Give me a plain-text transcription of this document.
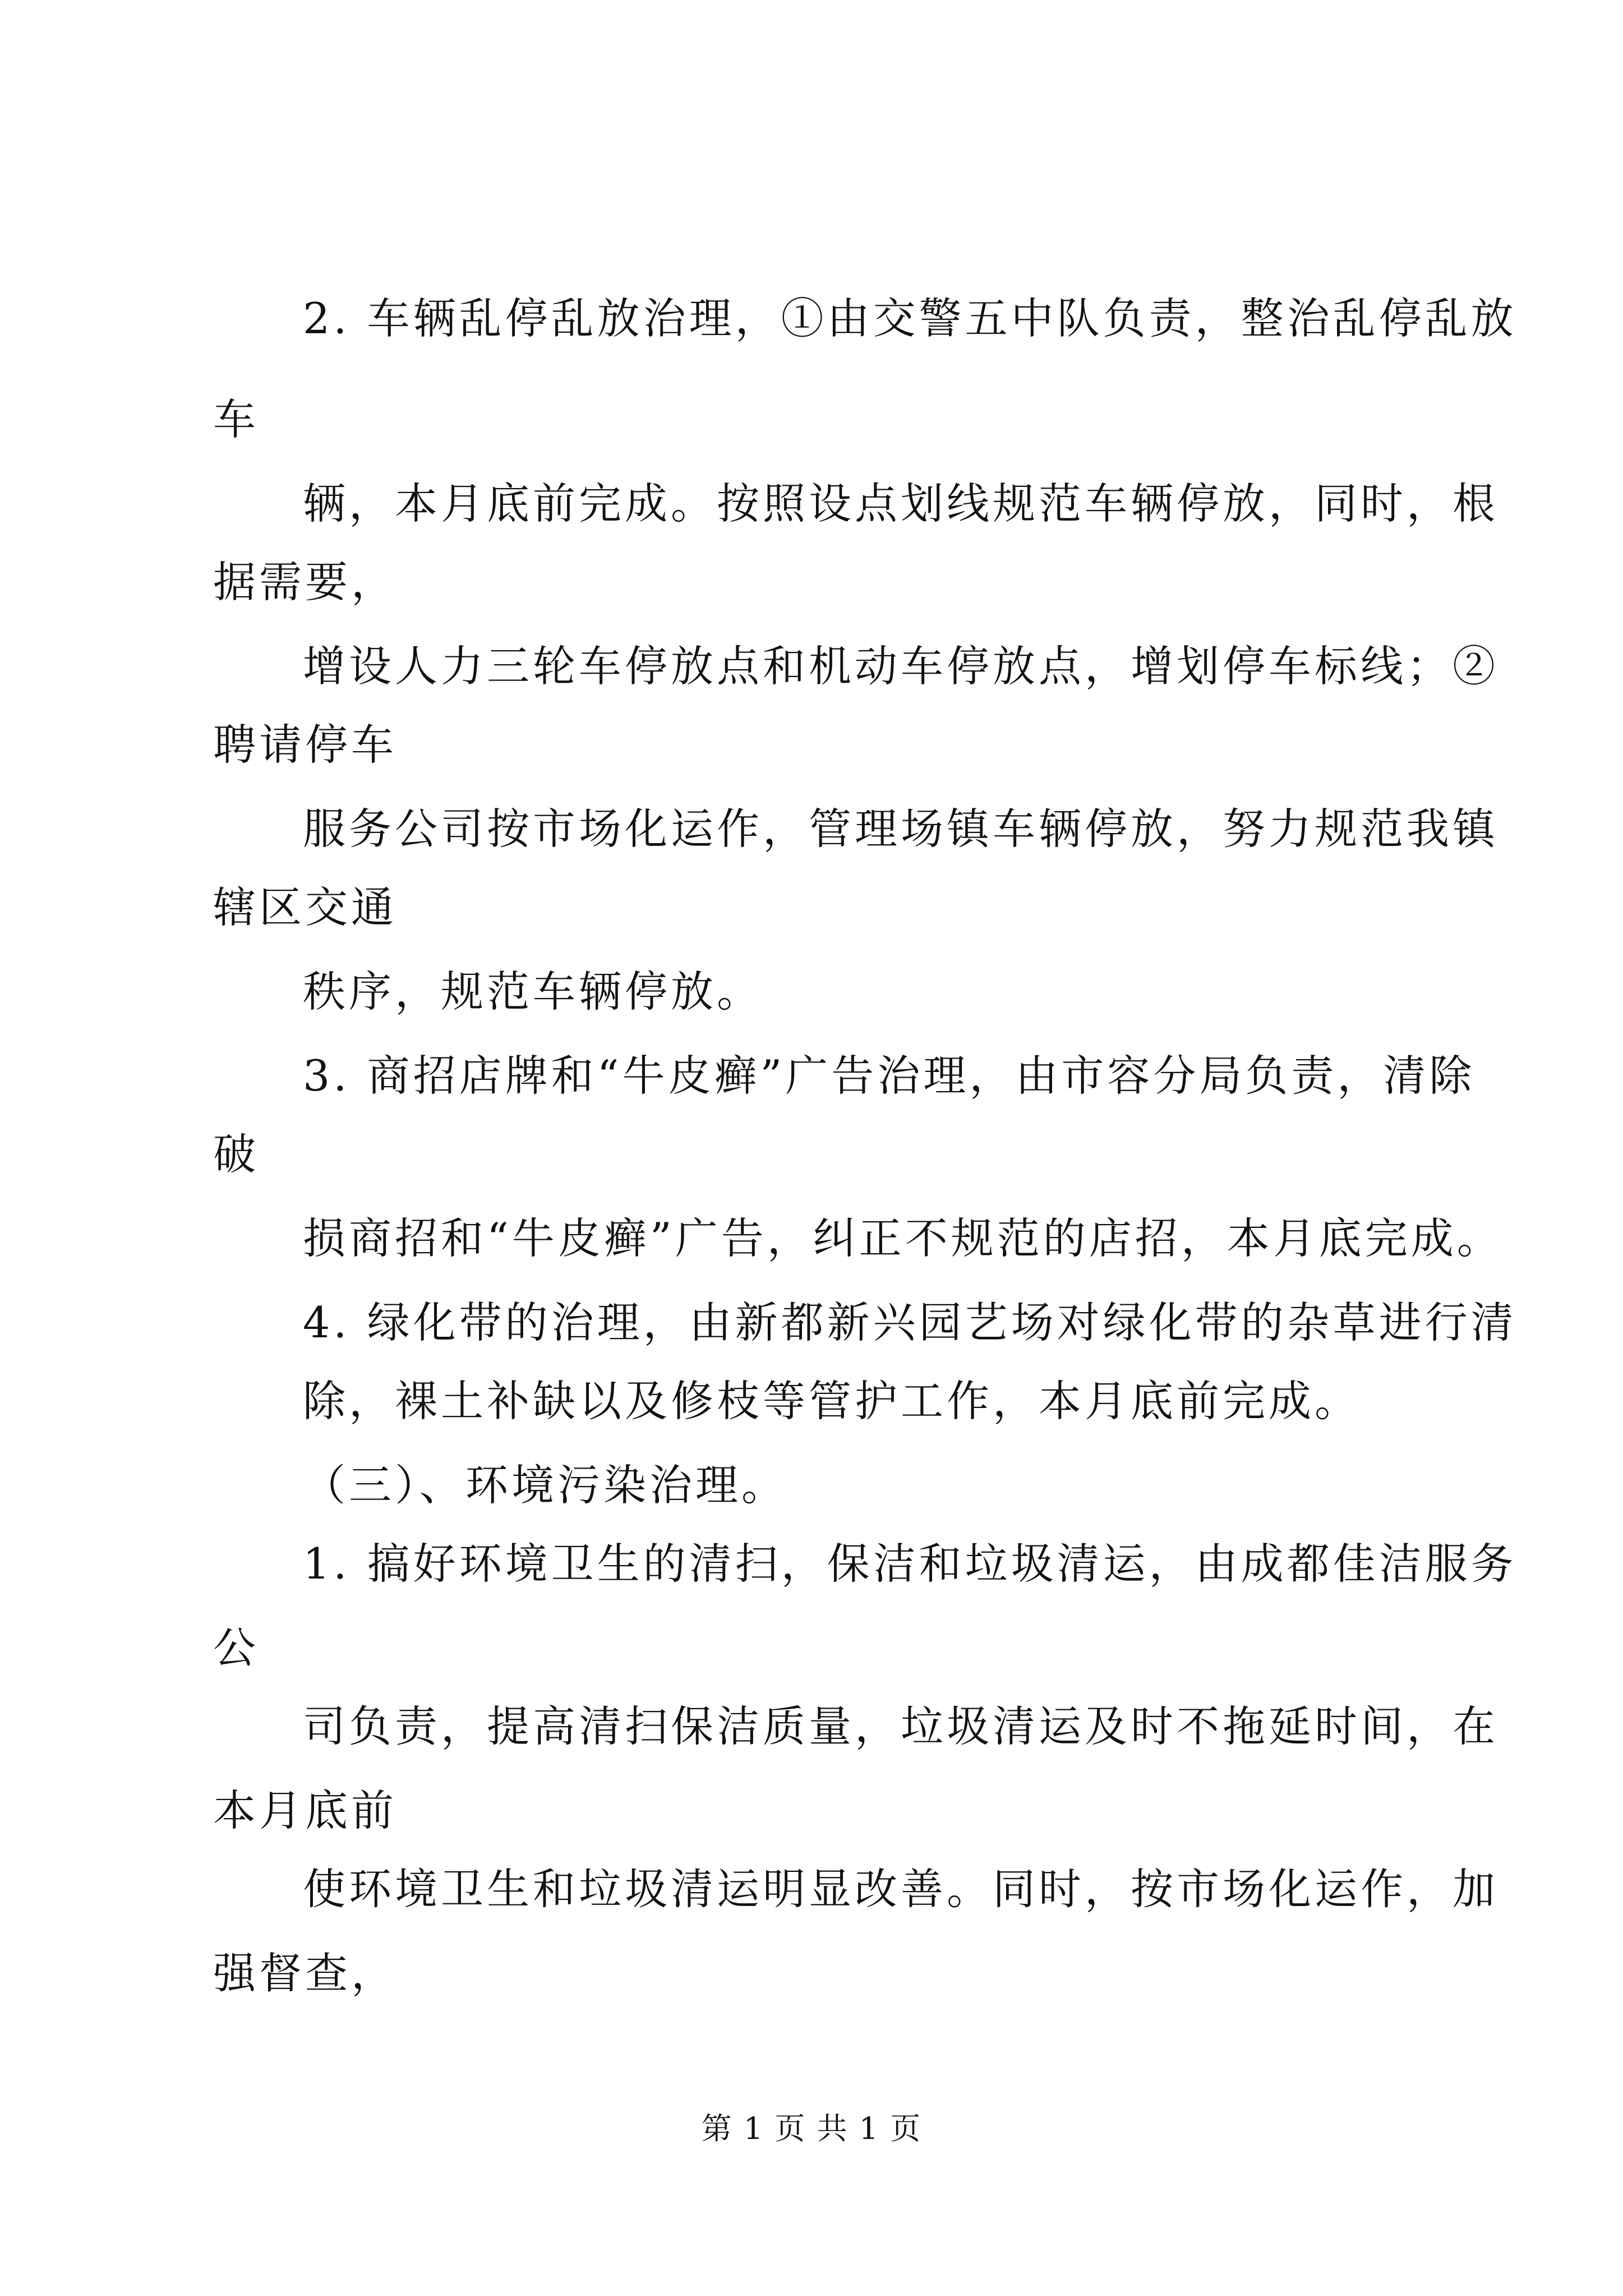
2. 车辆乱停乱放治理，①由交警五中队负责，整治乱停乱放
车
辆，本月底前完成。按照设点划线规范车辆停放，同时，根
据需要，
增设人力三轮车停放点和机动车停放点，增划停车标线；②
聘请停车
服务公司按市场化运作，管理场镇车辆停放，努力规范我镇
辖区交通
秩序，规范车辆停放。
3. 商招店牌和“牛皮癣”广告治理，由市容分局负责，清除
破
损商招和“牛皮癣”广告，纠正不规范的店招，本月底完成。
4. 绿化带的治理，由新都新兴园艺场对绿化带的杂草进行清
除，裸土补缺以及修枝等管护工作，本月底前完成。
（三）、环境污染治理。
1. 搞好环境卫生的清扫，保洁和垃圾清运，由成都佳洁服务
公
司负责，提高清扫保洁质量，垃圾清运及时不拖延时间，在
本月底前
使环境卫生和垃圾清运明显改善。同时，按市场化运作，加
强督查，
第 1 页 共 1 页
